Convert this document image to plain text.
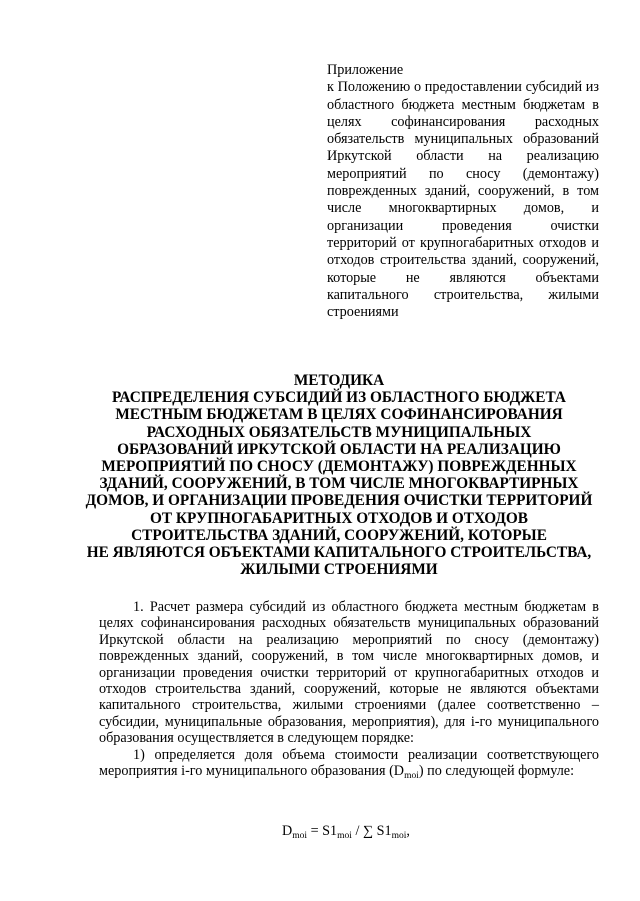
Приложение
к Положению о предоставлении субсидий из областного бюджета местным бюджетам в целях софинансирования расходных обязательств муниципальных образований Иркутской области на реализацию мероприятий по сносу (демонтажу) поврежденных зданий, сооружений, в том числе многоквартирных домов, и организации проведения очистки территорий от крупногабаритных отходов и отходов строительства зданий, сооружений, которые не являются объектами капитального строительства, жилыми строениями
МЕТОДИКА
РАСПРЕДЕЛЕНИЯ СУБСИДИЙ ИЗ ОБЛАСТНОГО БЮДЖЕТА
МЕСТНЫМ БЮДЖЕТАМ В ЦЕЛЯХ СОФИНАНСИРОВАНИЯ
РАСХОДНЫХ ОБЯЗАТЕЛЬСТВ МУНИЦИПАЛЬНЫХ
ОБРАЗОВАНИЙ ИРКУТСКОЙ ОБЛАСТИ НА РЕАЛИЗАЦИЮ
МЕРОПРИЯТИЙ ПО СНОСУ (ДЕМОНТАЖУ) ПОВРЕЖДЕННЫХ
ЗДАНИЙ, СООРУЖЕНИЙ, В ТОМ ЧИСЛЕ МНОГОКВАРТИРНЫХ
ДОМОВ, И ОРГАНИЗАЦИИ ПРОВЕДЕНИЯ ОЧИСТКИ ТЕРРИТОРИЙ
ОТ КРУПНОГАБАРИТНЫХ ОТХОДОВ И ОТХОДОВ
СТРОИТЕЛЬСТВА ЗДАНИЙ, СООРУЖЕНИЙ, КОТОРЫЕ
НЕ ЯВЛЯЮТСЯ ОБЪЕКТАМИ КАПИТАЛЬНОГО СТРОИТЕЛЬСТВА,
ЖИЛЫМИ СТРОЕНИЯМИ

1. Расчет размера субсидий из областного бюджета местным бюджетам в целях софинансирования расходных обязательств муниципальных образований Иркутской области на реализацию мероприятий по сносу (демонтажу) поврежденных зданий, сооружений, в том числе многоквартирных домов, и организации проведения очистки территорий от крупногабаритных отходов и отходов строительства зданий, сооружений, которые не являются объектами капитального строительства, жилыми строениями (далее соответственно – субсидии, муниципальные образования, мероприятия), для i-го муниципального образования осуществляется в следующем порядке:

1) определяется доля объема стоимости реализации соответствующего мероприятия i-го муниципального образования $(D_{moi})$ по следующей формуле:

$D_{moi} = S1_{moi}$ / ∑ $S1_{moi}$,
